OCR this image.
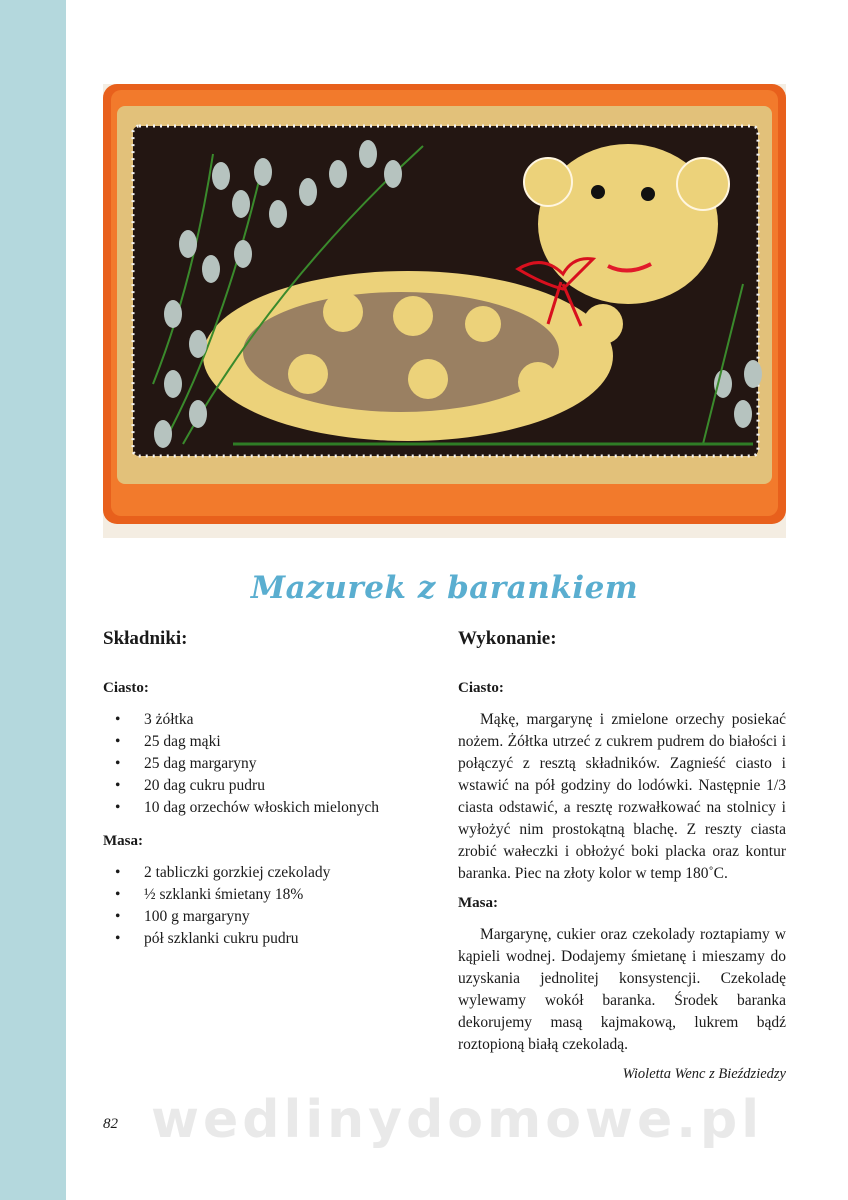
Mazurek z barankiem
Składniki:
Ciasto:
• 3 żółtka
• 25 dag mąki
• 25 dag margaryny
• 20 dag cukru pudru
• 10 dag orzechów włoskich mielonych
Masa:
• 2 tabliczki gorzkiej czekolady
• ½ szklanki śmietany 18%
• 100 g margaryny
• pół szklanki cukru pudru
Wykonanie:
Ciasto:

Mąkę, margarynę i zmielone orzechy posiekać nożem. Żółtka utrzeć z cukrem pudrem do białości i połączyć z resztą składników. Zagnieść ciasto i wstawić na pół godziny do lodówki. Następnie 1/3 ciasta odstawić, a resztę rozwałkować na stolnicy i wyłożyć nim prostokątną blachę. Z reszty ciasta zrobić wałeczki i obłożyć boki placka oraz kontur baranka. Piec na złoty kolor w temp 180˚C.

Masa:

Margarynę, cukier oraz czekolady roztapiamy w kąpieli wodnej. Dodajemy śmietanę i mieszamy do uzyskania jednolitej konsystencji. Czekoladę wylewamy wokół baranka. Środek baranka dekorujemy masą kajmakową, lukrem bądź roztopioną białą czekoladą.

Wioletta Wenc z Bieździedzy
wedlinydomowe.pl
82
